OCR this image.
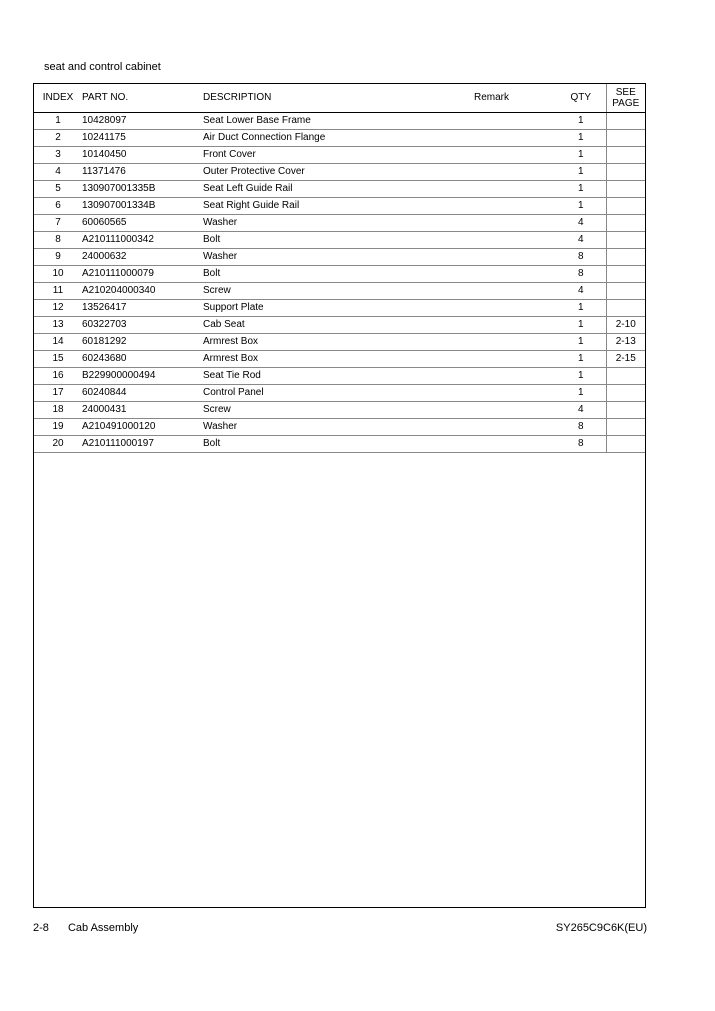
seat and control cabinet
INDEX	PART NO.	DESCRIPTION	Remark	QTY	SEE
PAGE

1	10428097	Seat Lower Base Frame		1	
2	10241175	Air Duct Connection Flange		1	
3	10140450	Front Cover		1	
4	11371476	Outer Protective Cover		1	
5	130907001335B	Seat Left Guide Rail		1	
6	130907001334B	Seat Right Guide Rail		1	
7	60060565	Washer		4	
8	A210111000342	Bolt		4	
9	24000632	Washer		8	
10	A210111000079	Bolt		8	
11	A210204000340	Screw		4	
12	13526417	Support Plate		1	
13	60322703	Cab Seat		1	2-10
14	60181292	Armrest Box		1	2-13
15	60243680	Armrest Box		1	2-15
16	B229900000494	Seat Tie Rod		1	
17	60240844	Control Panel		1	
18	24000431	Screw		4	
19	A210491000120	Washer		8	
20	A210111000197	Bolt		8	
2-8 Cab Assembly	SY265C9C6K(EU)
